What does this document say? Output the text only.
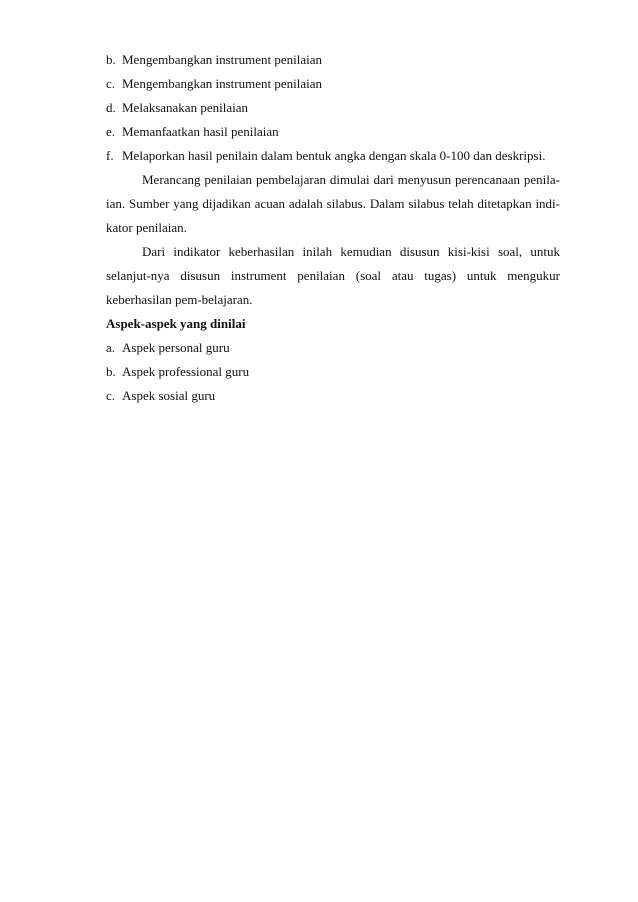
b. Mengembangkan instrument penilaian
c. Mengembangkan instrument penilaian
d. Melaksanakan penilaian
e. Memanfaatkan hasil penilaian
f. Melaporkan hasil penilain dalam bentuk angka dengan skala 0-100 dan deskripsi.

Merancang penilaian pembelajaran dimulai dari menyusun perencanaan penila-ian. Sumber yang dijadikan acuan adalah silabus. Dalam silabus telah ditetapkan indi-kator penilaian.

Dari indikator keberhasilan inilah kemudian disusun kisi-kisi soal, untuk selanjut-nya disusun instrument penilaian (soal atau tugas) untuk mengukur keberhasilan pem-belajaran.

Aspek-aspek yang dinilai
a. Aspek personal guru
b. Aspek professional guru
c. Aspek sosial guru
